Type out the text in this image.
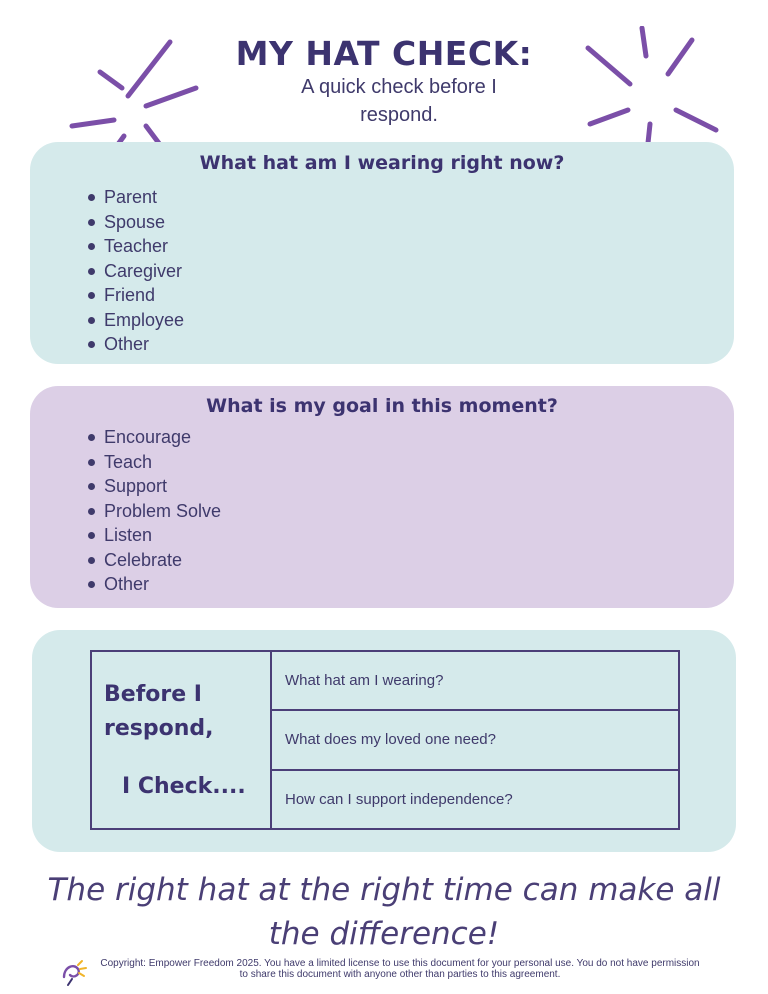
MY HAT CHECK:
A quick check before I respond.
What hat am I wearing right now?
Parent
Spouse
Teacher
Caregiver
Friend
Employee
Other
What is my goal in this moment?
Encourage
Teach
Support
Problem Solve
Listen
Celebrate
Other
Before I respond,
I Check....
What hat am I wearing?
What does my loved one need?
How can I support independence?
The right hat at the right time can make all the difference!
Copyright: Empower Freedom 2025. You have a limited license to use this document for your personal use. You do not have permission to share this document with anyone other than parties to this agreement.
